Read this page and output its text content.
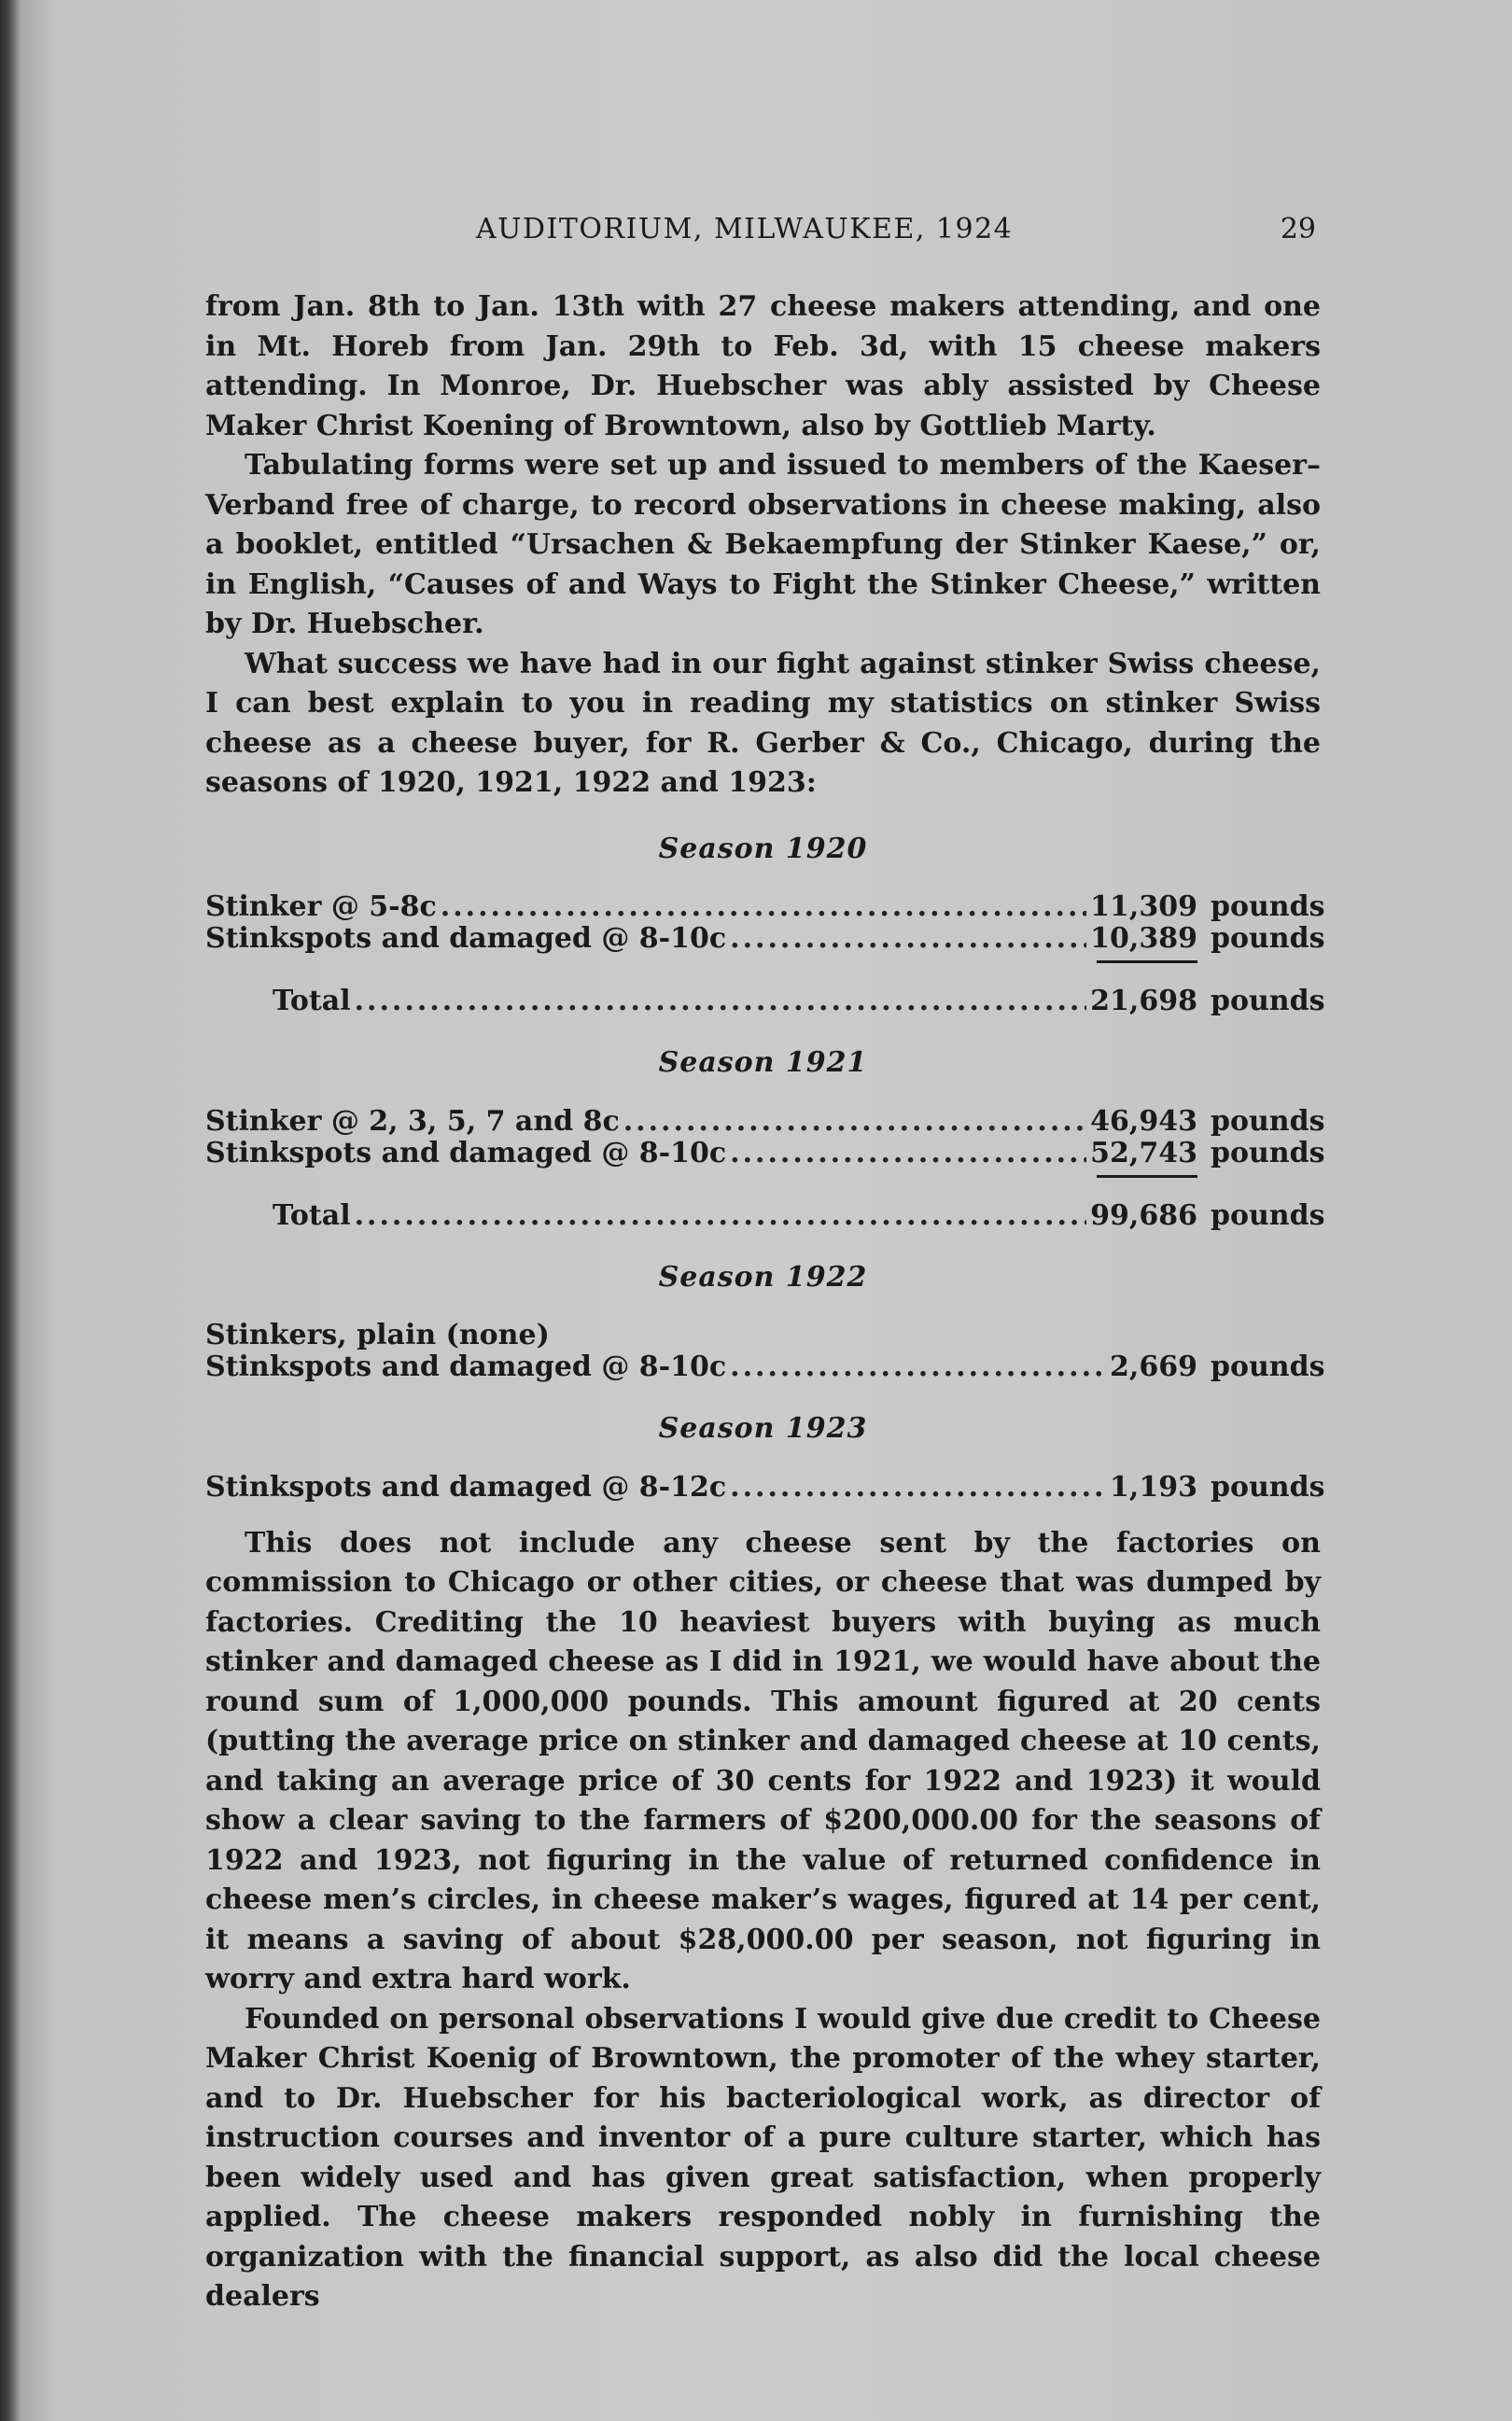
AUDITORIUM, MILWAUKEE, 1924	29

from Jan. 8th to Jan. 13th with 27 cheese makers attending, and one in Mt. Horeb from Jan. 29th to Feb. 3d, with 15 cheese makers attending. In Monroe, Dr. Huebscher was ably assisted by Cheese Maker Christ Koening of Browntown, also by Gottlieb Marty.

Tabulating forms were set up and issued to members of the Kaeser–Verband free of charge, to record observations in cheese making, also a booklet, entitled “Ursachen & Bekaempfung der Stinker Kaese,” or, in English, “Causes of and Ways to Fight the Stinker Cheese,” written by Dr. Huebscher.

What success we have had in our fight against stinker Swiss cheese, I can best explain to you in reading my statistics on stinker Swiss cheese as a cheese buyer, for R. Gerber & Co., Chicago, during the seasons of 1920, 1921, 1922 and 1923:

Season 1920
Stinker @ 5-8c .....	11,309 pounds
Stinkspots and damaged @ 8-10c .....	10,389 pounds
Total .....	21,698 pounds
Season 1921
Stinker @ 2, 3, 5, 7 and 8c .....	46,943 pounds
Stinkspots and damaged @ 8-10c .....	52,743 pounds
Total .....	99,686 pounds
Season 1922
Stinkers, plain (none)
Stinkspots and damaged @ 8-10c .....	2,669 pounds
Season 1923
Stinkspots and damaged @ 8-12c .....	1,193 pounds

This does not include any cheese sent by the factories on commission to Chicago or other cities, or cheese that was dumped by factories. Crediting the 10 heaviest buyers with buying as much stinker and damaged cheese as I did in 1921, we would have about the round sum of 1,000,000 pounds. This amount figured at 20 cents (putting the average price on stinker and damaged cheese at 10 cents, and taking an average price of 30 cents for 1922 and 1923) it would show a clear saving to the farmers of $200,000.00 for the seasons of 1922 and 1923, not figuring in the value of returned confidence in cheese men’s circles, in cheese maker’s wages, figured at 14 per cent, it means a saving of about $28,000.00 per season, not figuring in worry and extra hard work.

Founded on personal observations I would give due credit to Cheese Maker Christ Koenig of Browntown, the promoter of the whey starter, and to Dr. Huebscher for his bacteriological work, as director of instruction courses and inventor of a pure culture starter, which has been widely used and has given great satisfaction, when properly applied. The cheese makers responded nobly in furnishing the organization with the financial support, as also did the local cheese dealers
